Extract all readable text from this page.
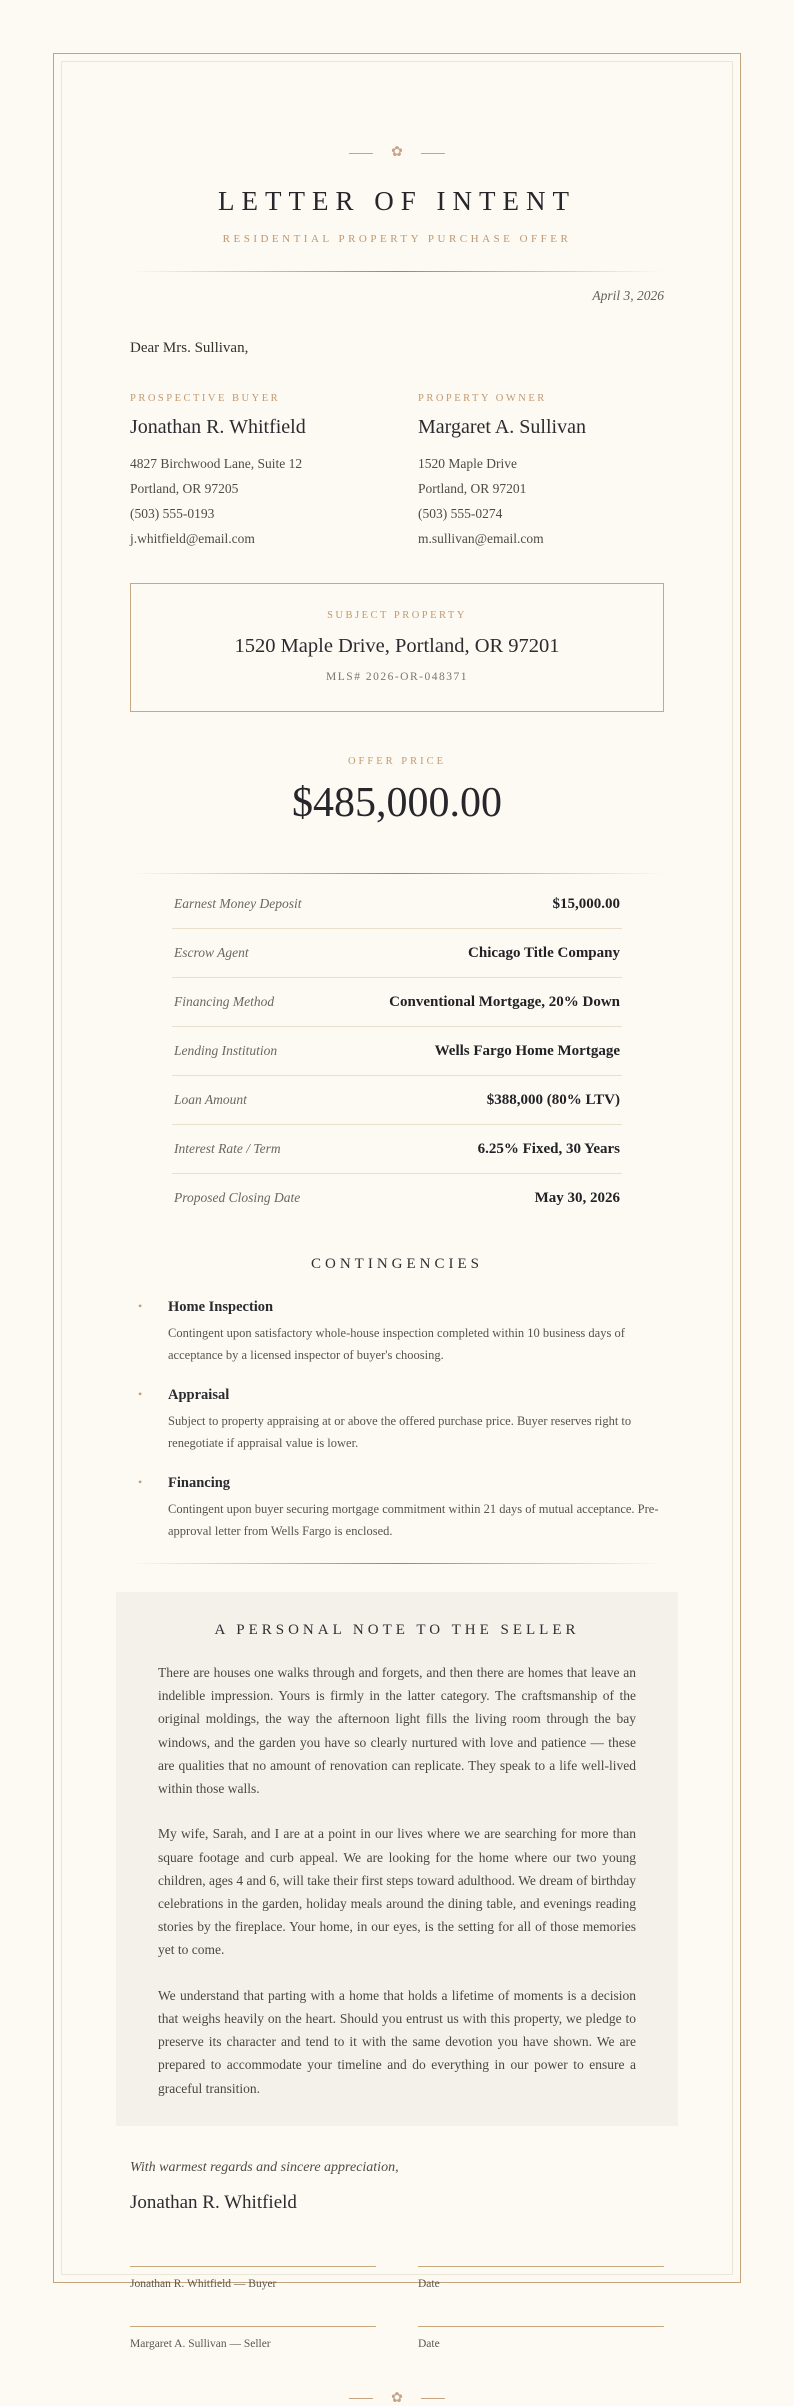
✿
LETTER OF INTENT
RESIDENTIAL PROPERTY PURCHASE OFFER
April 3, 2026
Dear Mrs. Sullivan,
PROSPECTIVE BUYER
Jonathan R. Whitfield
4827 Birchwood Lane, Suite 12
Portland, OR 97205
(503) 555-0193
j.whitfield@email.com
PROPERTY OWNER
Margaret A. Sullivan
1520 Maple Drive
Portland, OR 97201
(503) 555-0274
m.sullivan@email.com
SUBJECT PROPERTY
1520 Maple Drive, Portland, OR 97201
MLS# 2026-OR-048371
OFFER PRICE
$485,000.00
Earnest Money Deposit	$15,000.00
Escrow Agent	Chicago Title Company
Financing Method	Conventional Mortgage, 20% Down
Lending Institution	Wells Fargo Home Mortgage
Loan Amount	$388,000 (80% LTV)
Interest Rate / Term	6.25% Fixed, 30 Years
Proposed Closing Date	May 30, 2026
CONTINGENCIES
• Home Inspection
Contingent upon satisfactory whole-house inspection completed within 10 business days of acceptance by a licensed inspector of buyer's choosing.
• Appraisal
Subject to property appraising at or above the offered purchase price. Buyer reserves right to renegotiate if appraisal value is lower.
• Financing
Contingent upon buyer securing mortgage commitment within 21 days of mutual acceptance. Pre-approval letter from Wells Fargo is enclosed.
A PERSONAL NOTE TO THE SELLER

There are houses one walks through and forgets, and then there are homes that leave an indelible impression. Yours is firmly in the latter category. The craftsmanship of the original moldings, the way the afternoon light fills the living room through the bay windows, and the garden you have so clearly nurtured with love and patience — these are qualities that no amount of renovation can replicate. They speak to a life well-lived within those walls.

My wife, Sarah, and I are at a point in our lives where we are searching for more than square footage and curb appeal. We are looking for the home where our two young children, ages 4 and 6, will take their first steps toward adulthood. We dream of birthday celebrations in the garden, holiday meals around the dining table, and evenings reading stories by the fireplace. Your home, in our eyes, is the setting for all of those memories yet to come.

We understand that parting with a home that holds a lifetime of moments is a decision that weighs heavily on the heart. Should you entrust us with this property, we pledge to preserve its character and tend to it with the same devotion you have shown. We are prepared to accommodate your timeline and do everything in our power to ensure a graceful transition.

With warmest regards and sincere appreciation,
Jonathan R. Whitfield
Jonathan R. Whitfield — Buyer	Date
Margaret A. Sullivan — Seller	Date
✿
